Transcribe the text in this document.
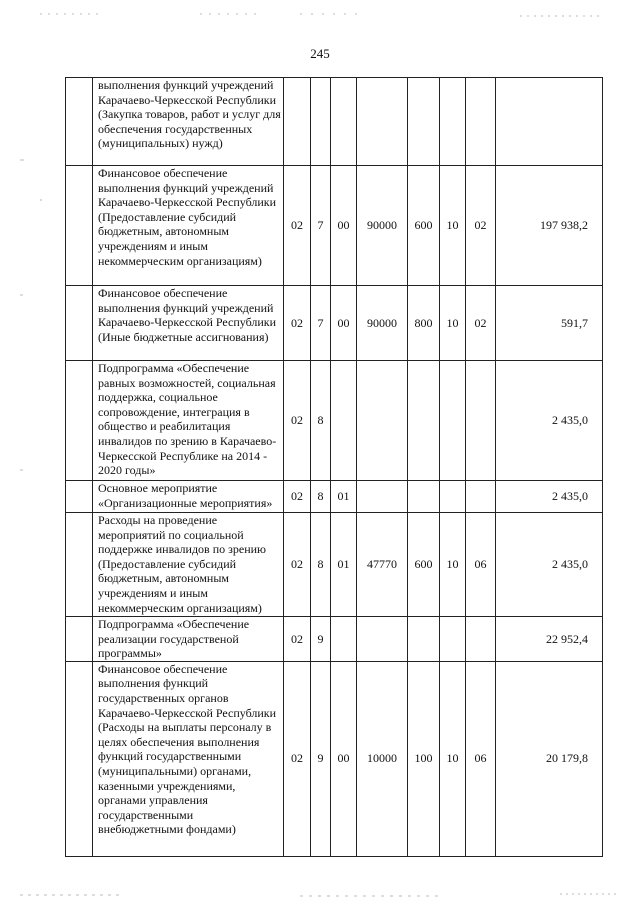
245
	выполнения функций учреждений Карачаево-Черкесской Республики (Закупка товаров, работ и услуг для обеспечения государственных (муниципальных) нужд)								
	Финансовое обеспечение выполнения функций учреждений Карачаево-Черкесской Республики (Предоставление субсидий бюджетным, автономным учреждениям и иным некоммерческим организациям)	02	7	00	90000	600	10	02	197 938,2
	Финансовое обеспечение выполнения функций учреждений Карачаево-Черкесской Республики (Иные бюджетные ассигнования)	02	7	00	90000	800	10	02	591,7
	Подпрограмма «Обеспечение равных возможностей, социальная поддержка, социальное сопровождение, интеграция в общество и реабилитация инвалидов по зрению в Карачаево-Черкесской Республике на 2014 - 2020 годы»	02	8						2 435,0
	Основное мероприятие «Организационные мероприятия»	02	8	01					2 435,0
	Расходы на проведение мероприятий по социальной поддержке инвалидов по зрению (Предоставление субсидий бюджетным, автономным учреждениям и иным некоммерческим организациям)	02	8	01	47770	600	10	06	2 435,0
	Подпрограмма «Обеспечение реализации государственой программы»	02	9						22 952,4
	Финансовое обеспечение выполнения функций государственных органов Карачаево-Черкесской Республики (Расходы на выплаты персоналу в целях обеспечения выполнения функций государственными (муниципальными) органами, казенными учреждениями, органами управления государственными внебюджетными фондами)	02	9	00	10000	100	10	06	20 179,8
